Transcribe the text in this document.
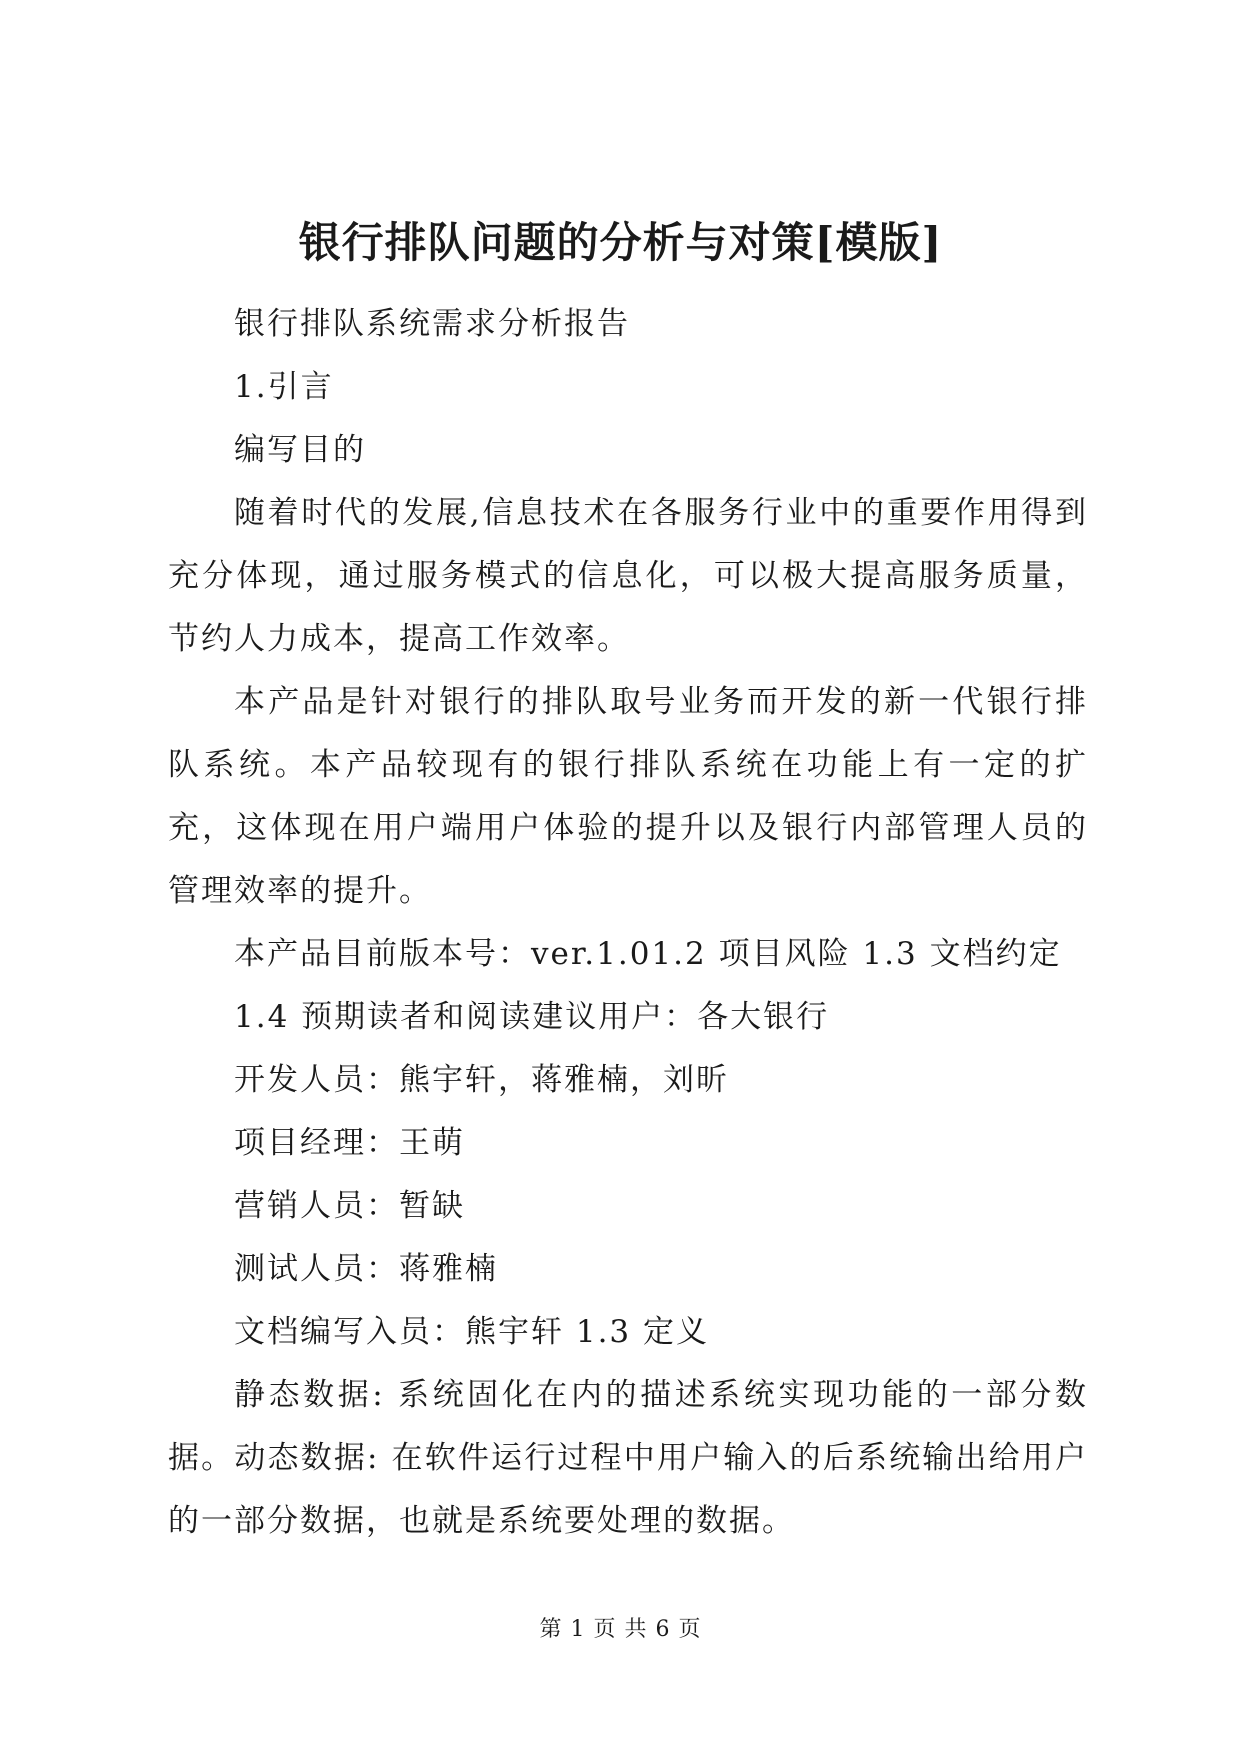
银行排队问题的分析与对策[模版]

银行排队系统需求分析报告

1.引言

编写目的

随着时代的发展,信息技术在各服务行业中的重要作用得到充分体现，通过服务模式的信息化，可以极大提高服务质量，节约人力成本，提高工作效率。

本产品是针对银行的排队取号业务而开发的新一代银行排队系统。本产品较现有的银行排队系统在功能上有一定的扩充，这体现在用户端用户体验的提升以及银行内部管理人员的管理效率的提升。

本产品目前版本号：ver.1.01.2 项目风险 1.3 文档约定

1.4 预期读者和阅读建议用户：各大银行

开发人员：熊宇轩，蒋雅楠，刘昕

项目经理：王萌

营销人员：暂缺

测试人员：蒋雅楠

文档编写入员：熊宇轩 1.3 定义

静态数据: 系统固化在内的描述系统实现功能的一部分数据。动态数据: 在软件运行过程中用户输入的后系统输出给用户的一部分数据，也就是系统要处理的数据。

第 1 页 共 6 页
